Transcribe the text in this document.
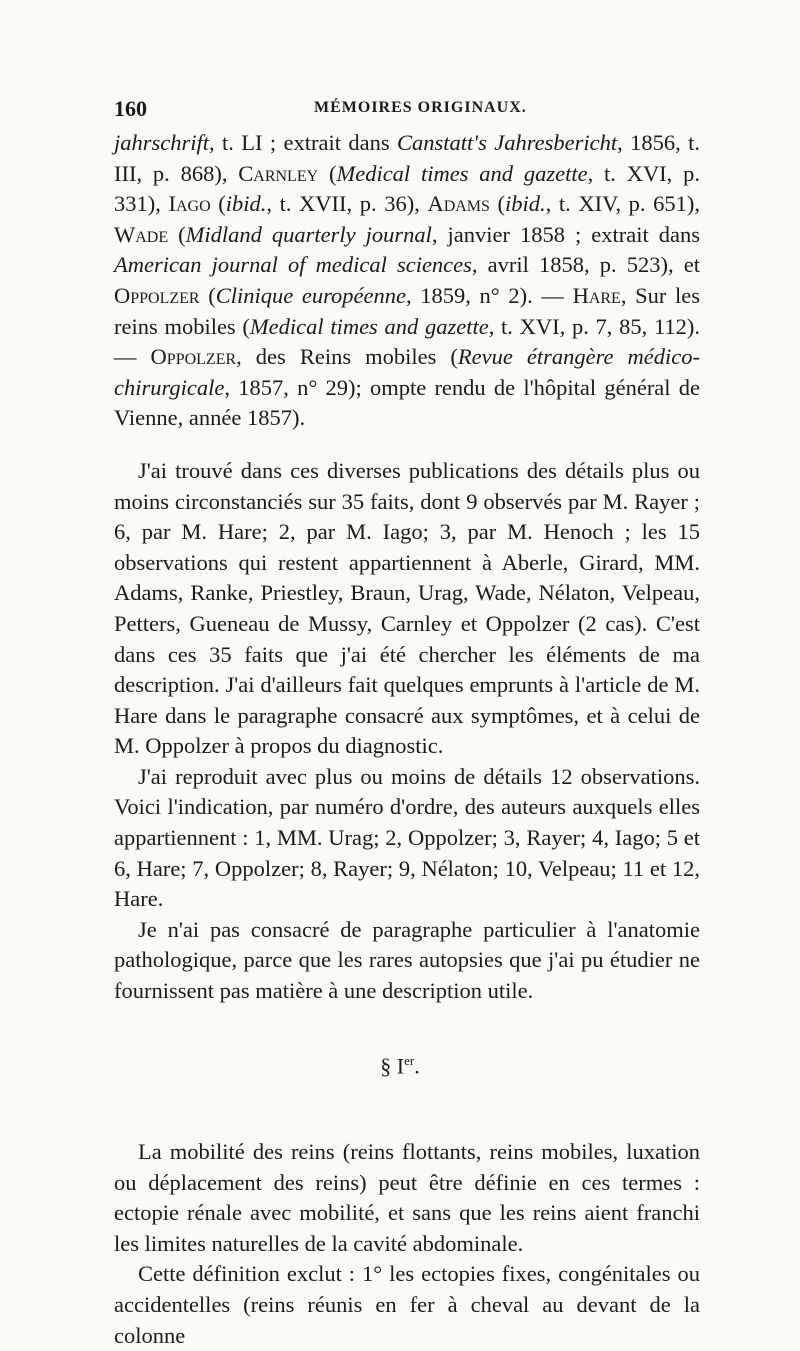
160	MÉMOIRES ORIGINAUX.

jahrschrift, t. LI ; extrait dans Canstatt's Jahresbericht, 1856, t. III, p. 868), Carnley (Medical times and gazette, t. XVI, p. 331), Iago (ibid., t. XVII, p. 36), Adams (ibid., t. XIV, p. 651), Wade (Midland quarterly journal, janvier 1858 ; extrait dans American journal of medical sciences, avril 1858, p. 523), et Oppolzer (Clinique européenne, 1859, n° 2). — Hare, Sur les reins mobiles (Medical times and gazette, t. XVI, p. 7, 85, 112). — Oppolzer, des Reins mobiles (Revue étrangère médico-chirurgicale, 1857, n° 29); ompte rendu de l'hôpital général de Vienne, année 1857).

J'ai trouvé dans ces diverses publications des détails plus ou moins circonstanciés sur 35 faits, dont 9 observés par M. Rayer ; 6, par M. Hare; 2, par M. Iago; 3, par M. Henoch ; les 15 observations qui restent appartiennent à Aberle, Girard, MM. Adams, Ranke, Priestley, Braun, Urag, Wade, Nélaton, Velpeau, Petters, Gueneau de Mussy, Carnley et Oppolzer (2 cas). C'est dans ces 35 faits que j'ai été chercher les éléments de ma description. J'ai d'ailleurs fait quelques emprunts à l'article de M. Hare dans le paragraphe consacré aux symptômes, et à celui de M. Oppolzer à propos du diagnostic.

J'ai reproduit avec plus ou moins de détails 12 observations. Voici l'indication, par numéro d'ordre, des auteurs auxquels elles appartiennent : 1, MM. Urag; 2, Oppolzer; 3, Rayer; 4, Iago; 5 et 6, Hare; 7, Oppolzer; 8, Rayer; 9, Nélaton; 10, Velpeau; 11 et 12, Hare.

Je n'ai pas consacré de paragraphe particulier à l'anatomie pathologique, parce que les rares autopsies que j'ai pu étudier ne fournissent pas matière à une description utile.

§ Ier.

La mobilité des reins (reins flottants, reins mobiles, luxation ou déplacement des reins) peut être définie en ces termes : ectopie rénale avec mobilité, et sans que les reins aient franchi les limites naturelles de la cavité abdominale.

Cette définition exclut : 1° les ectopies fixes, congénitales ou accidentelles (reins réunis en fer à cheval au devant de la colonne
